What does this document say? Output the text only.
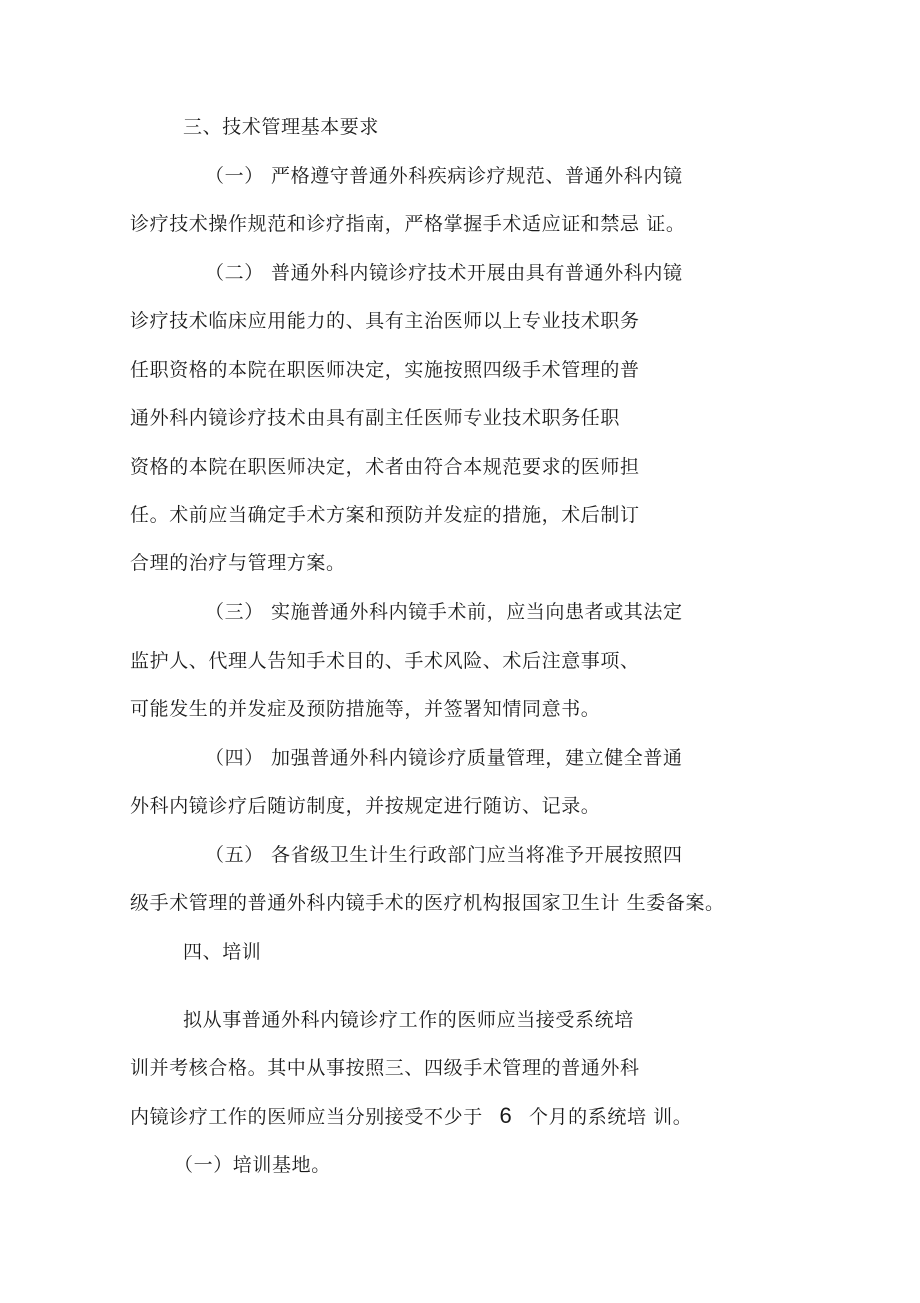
三、技术管理基本要求
（一） 严格遵守普通外科疾病诊疗规范、普通外科内镜
诊疗技术操作规范和诊疗指南，严格掌握手术适应证和禁忌 证。
（二） 普通外科内镜诊疗技术开展由具有普通外科内镜
诊疗技术临床应用能力的、具有主治医师以上专业技术职务
任职资格的本院在职医师决定，实施按照四级手术管理的普
通外科内镜诊疗技术由具有副主任医师专业技术职务任职
资格的本院在职医师决定，术者由符合本规范要求的医师担
任。术前应当确定手术方案和预防并发症的措施，术后制订
合理的治疗与管理方案。
（三） 实施普通外科内镜手术前，应当向患者或其法定
监护人、代理人告知手术目的、手术风险、术后注意事项、
可能发生的并发症及预防措施等，并签署知情同意书。
（四） 加强普通外科内镜诊疗质量管理，建立健全普通
外科内镜诊疗后随访制度，并按规定进行随访、记录。
（五） 各省级卫生计生行政部门应当将准予开展按照四
级手术管理的普通外科内镜手术的医疗机构报国家卫生计 生委备案。
四、培训
拟从事普通外科内镜诊疗工作的医师应当接受系统培
训并考核合格。其中从事按照三、四级手术管理的普通外科
内镜诊疗工作的医师应当分别接受不少于 6 个月的系统培 训。
（一）培训基地。
